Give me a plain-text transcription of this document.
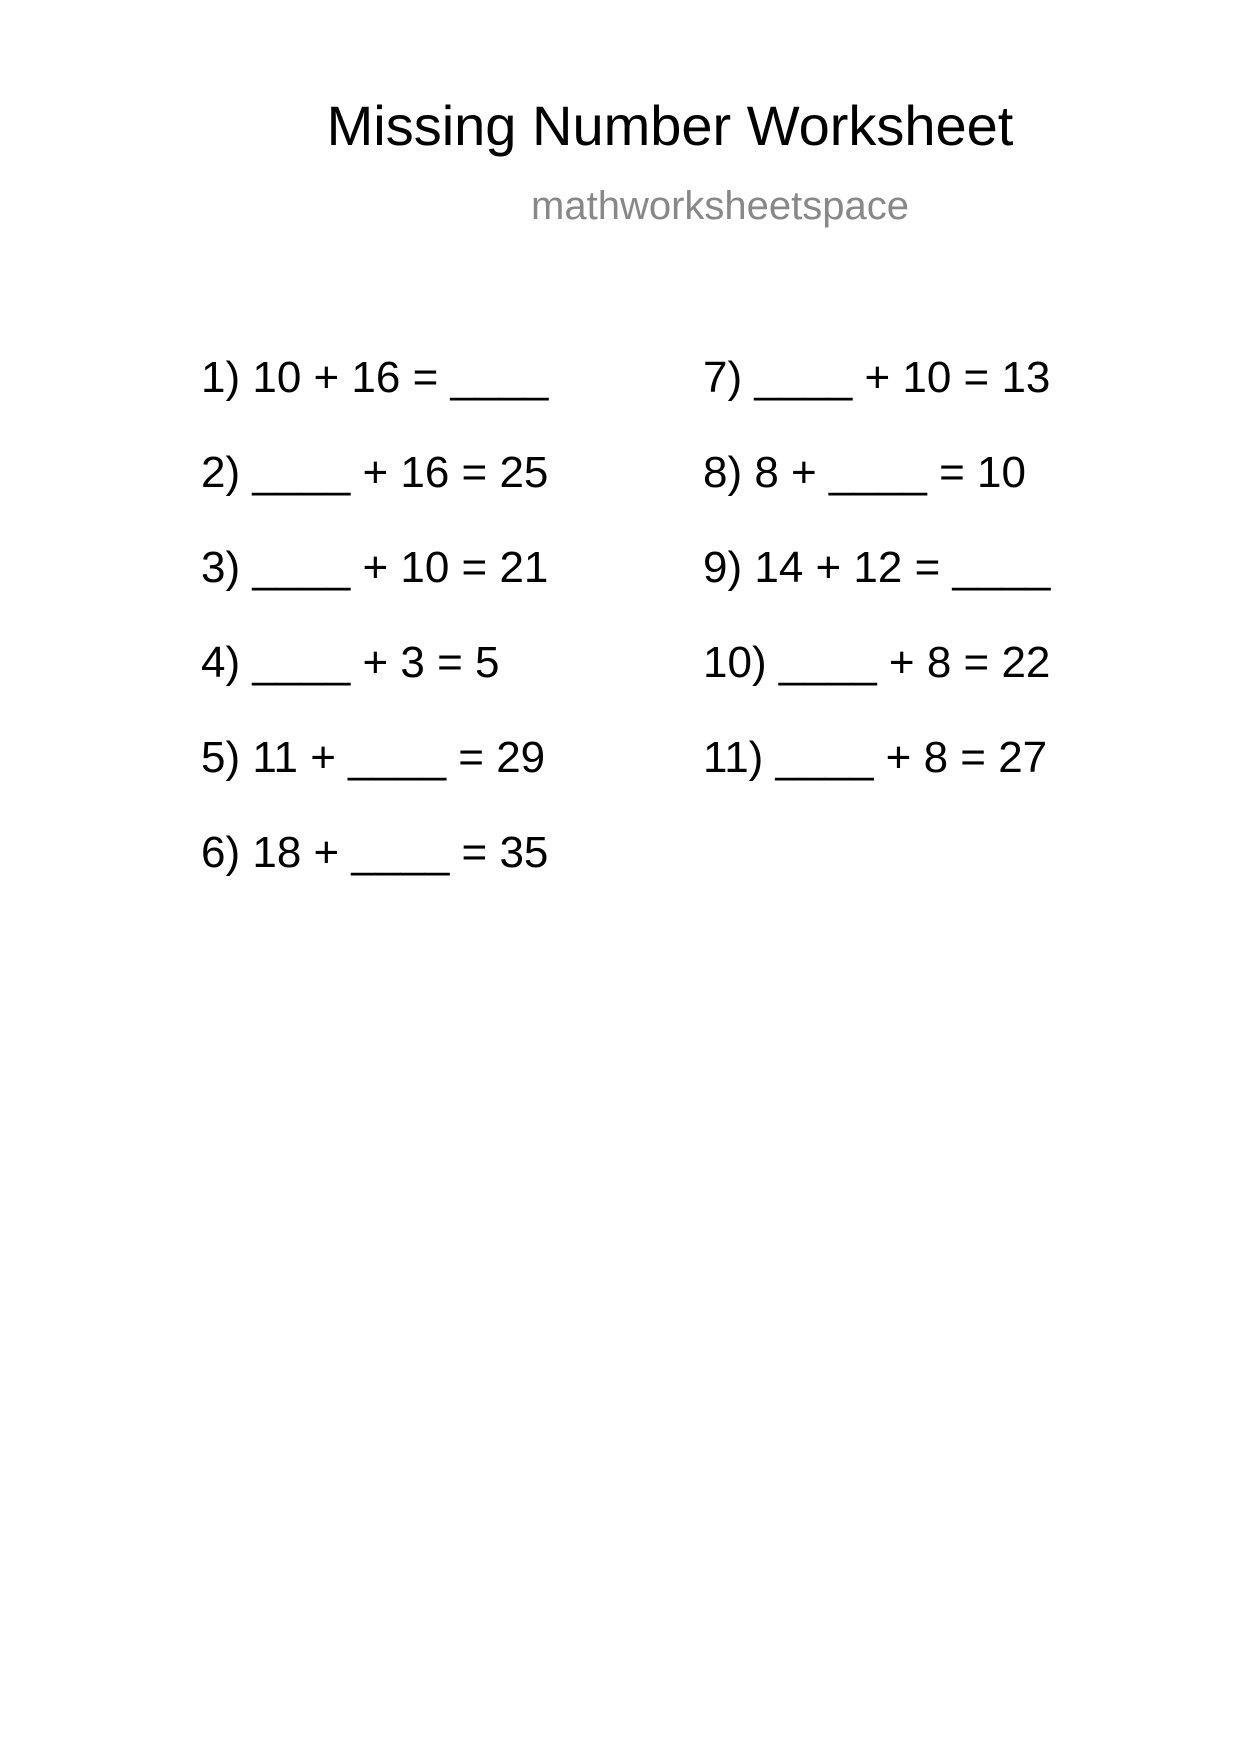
Missing Number Worksheet
mathworksheetspace
1) 10 + 16 = ____
2) ____ + 16 = 25
3) ____ + 10 = 21
4) ____ + 3 = 5
5) 11 + ____ = 29
6) 18 + ____ = 35
7) ____ + 10 = 13
8) 8 + ____ = 10
9) 14 + 12 = ____
10) ____ + 8 = 22
11) ____ + 8 = 27
